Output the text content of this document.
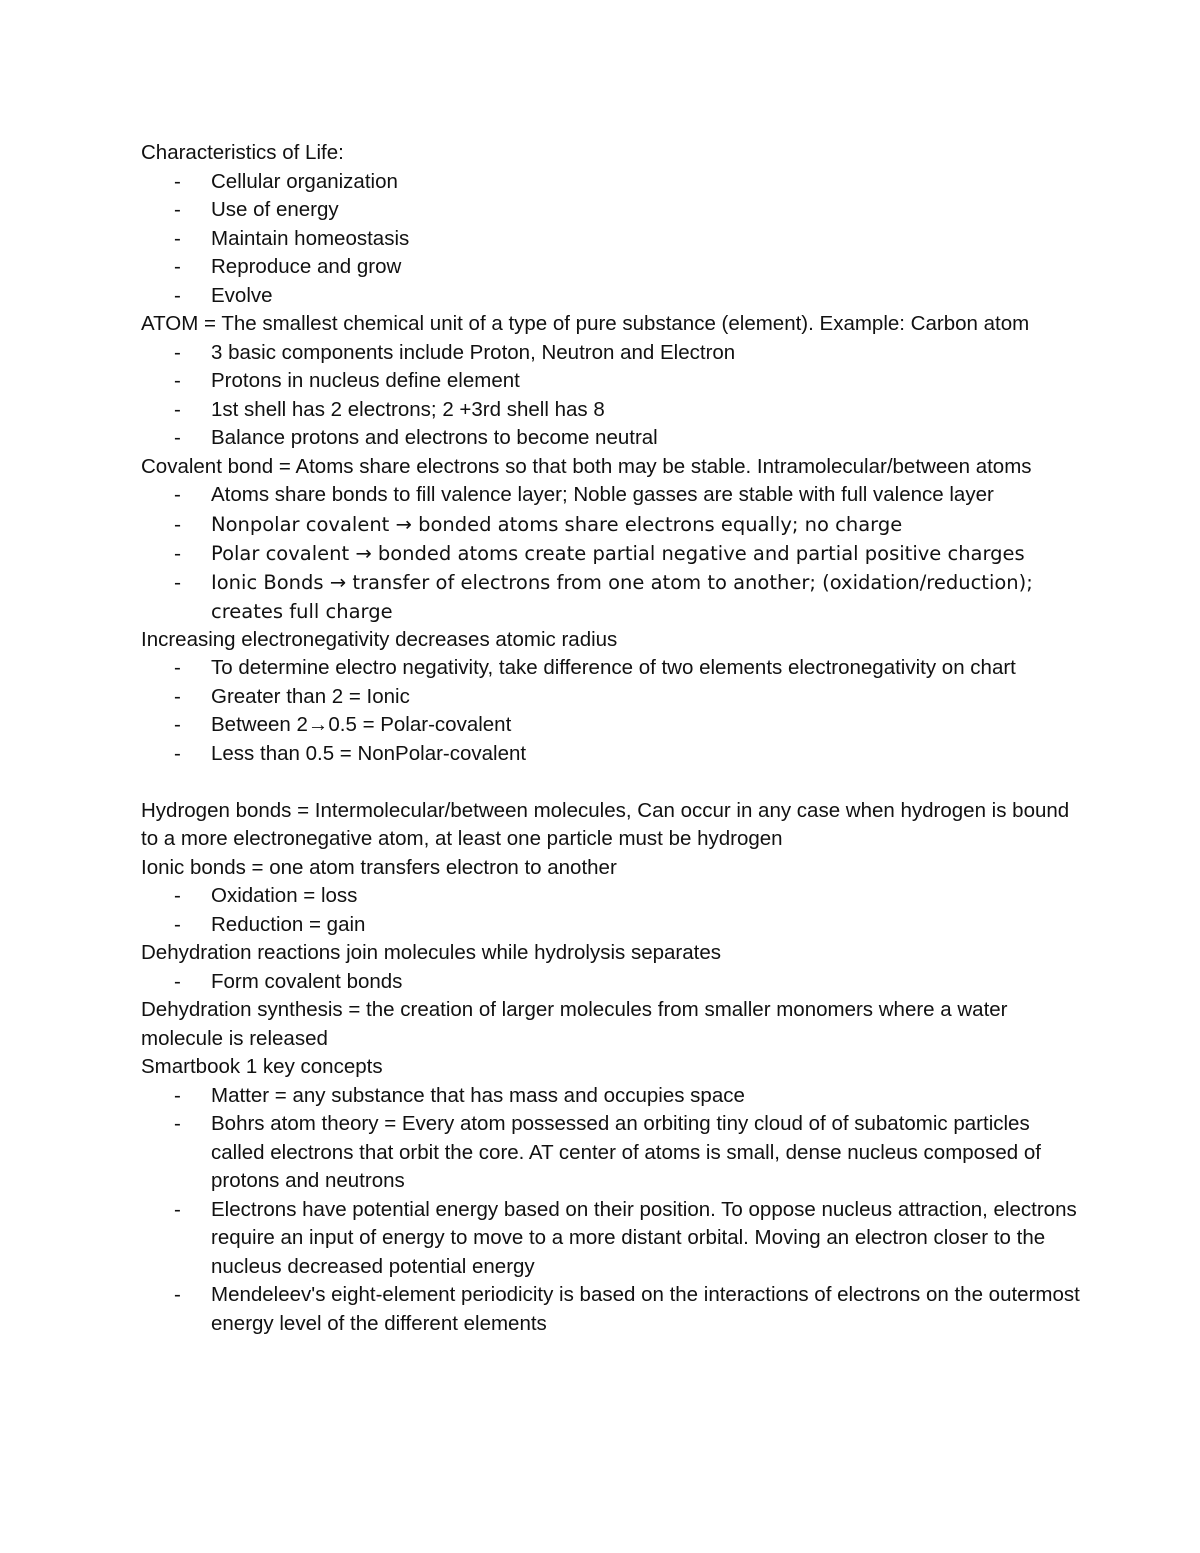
Characteristics of Life:

- Cellular organization
- Use of energy
- Maintain homeostasis
- Reproduce and grow
- Evolve

ATOM = The smallest chemical unit of a type of pure substance (element). Example: Carbon atom

- 3 basic components include Proton, Neutron and Electron
- Protons in nucleus define element
- 1st shell has 2 electrons; 2 +3rd shell has 8
- Balance protons and electrons to become neutral

Covalent bond = Atoms share electrons so that both may be stable. Intramolecular/between atoms

- Atoms share bonds to fill valence layer; Noble gasses are stable with full valence layer
- Nonpolar covalent → bonded atoms share electrons equally; no charge
- Polar covalent → bonded atoms create partial negative and partial positive charges
- Ionic Bonds → transfer of electrons from one atom to another; (oxidation/reduction); creates full charge

Increasing electronegativity decreases atomic radius

- To determine electro negativity, take difference of two elements electronegativity on chart
- Greater than 2 = Ionic
- Between 2→0.5 = Polar-covalent
- Less than 0.5 = NonPolar-covalent

Hydrogen bonds = Intermolecular/between molecules, Can occur in any case when hydrogen is bound to a more electronegative atom, at least one particle must be hydrogen

Ionic bonds = one atom transfers electron to another

- Oxidation = loss
- Reduction = gain

Dehydration reactions join molecules while hydrolysis separates

- Form covalent bonds

Dehydration synthesis = the creation of larger molecules from smaller monomers where a water molecule is released

Smartbook 1 key concepts

- Matter = any substance that has mass and occupies space
- Bohrs atom theory = Every atom possessed an orbiting tiny cloud of of subatomic particles called electrons that orbit the core. AT center of atoms is small, dense nucleus composed of protons and neutrons
- Electrons have potential energy based on their position. To oppose nucleus attraction, electrons require an input of energy to move to a more distant orbital. Moving an electron closer to the nucleus decreased potential energy
- Mendeleev's eight-element periodicity is based on the interactions of electrons on the outermost energy level of the different elements
